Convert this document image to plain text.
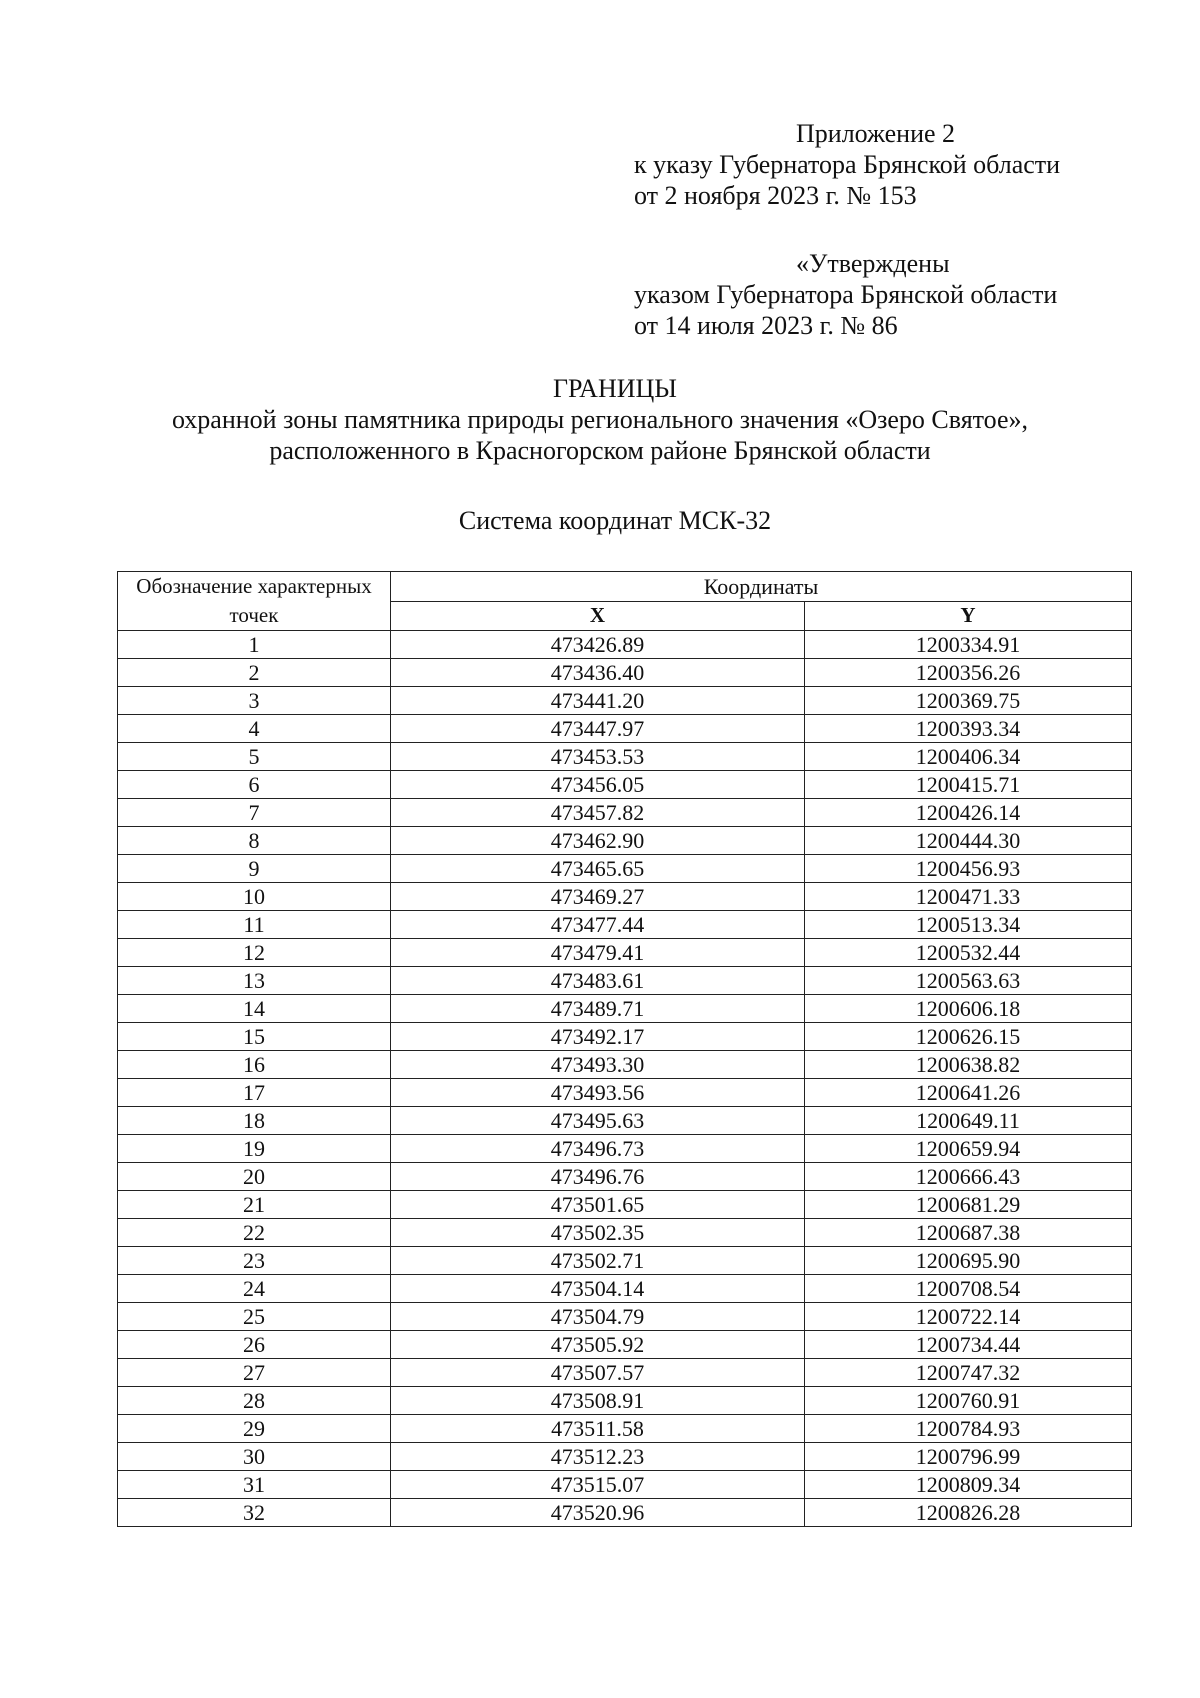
Приложение 2
к указу Губернатора Брянской области
от 2 ноября 2023 г. № 153
«Утверждены
указом Губернатора Брянской области
от 14 июля 2023 г. № 86
ГРАНИЦЫ
охранной зоны памятника природы регионального значения «Озеро Святое»,
расположенного в Красногорском районе Брянской области
Система координат МСК-32
Обозначение характерных точек	Координаты	
	X	Y
1	473426.89	1200334.91
2	473436.40	1200356.26
3	473441.20	1200369.75
4	473447.97	1200393.34
5	473453.53	1200406.34
6	473456.05	1200415.71
7	473457.82	1200426.14
8	473462.90	1200444.30
9	473465.65	1200456.93
10	473469.27	1200471.33
11	473477.44	1200513.34
12	473479.41	1200532.44
13	473483.61	1200563.63
14	473489.71	1200606.18
15	473492.17	1200626.15
16	473493.30	1200638.82
17	473493.56	1200641.26
18	473495.63	1200649.11
19	473496.73	1200659.94
20	473496.76	1200666.43
21	473501.65	1200681.29
22	473502.35	1200687.38
23	473502.71	1200695.90
24	473504.14	1200708.54
25	473504.79	1200722.14
26	473505.92	1200734.44
27	473507.57	1200747.32
28	473508.91	1200760.91
29	473511.58	1200784.93
30	473512.23	1200796.99
31	473515.07	1200809.34
32	473520.96	1200826.28
